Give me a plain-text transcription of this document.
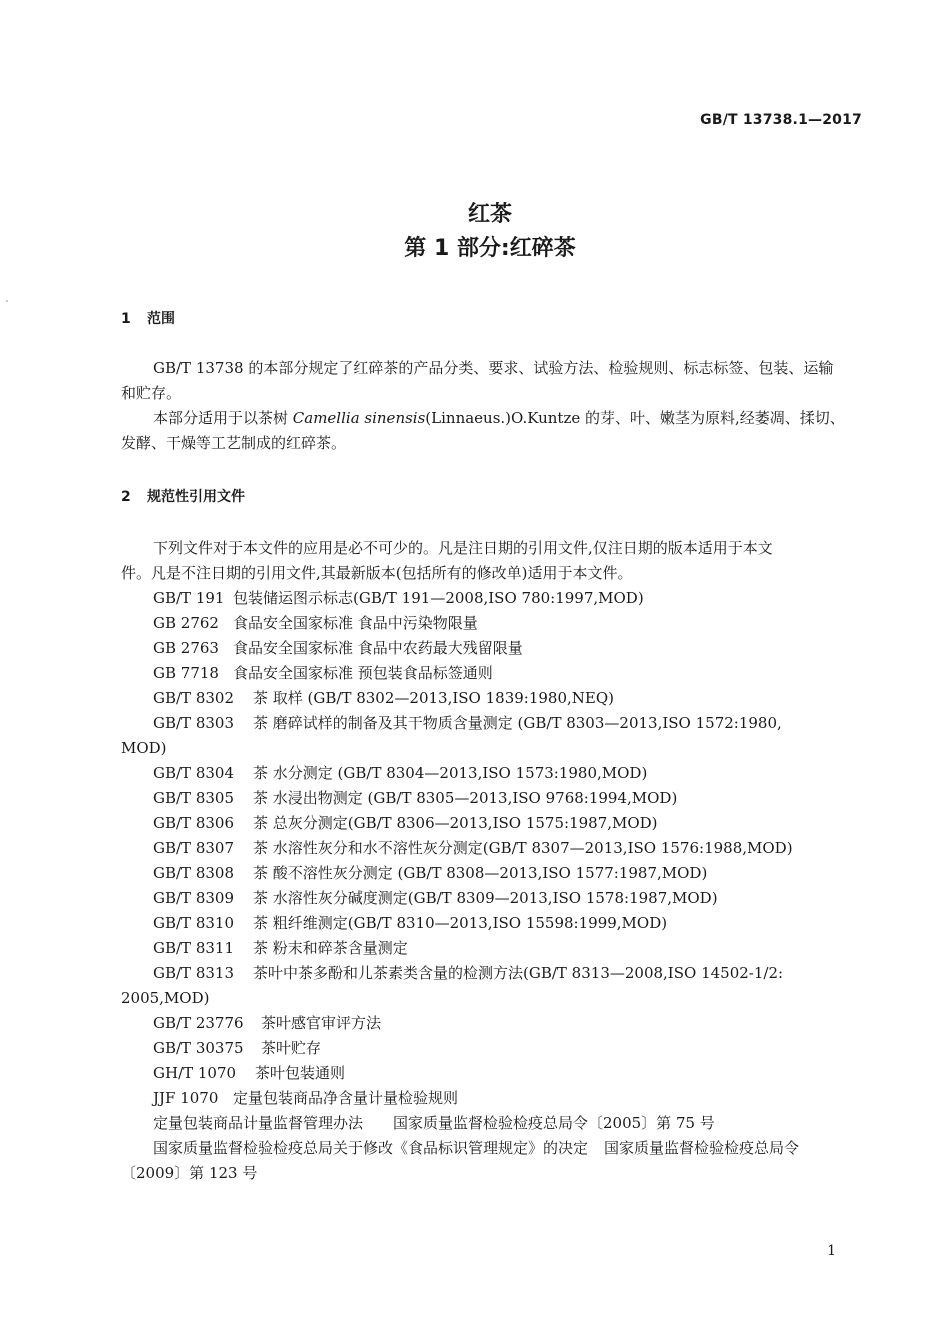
GB/T 13738.1—2017
红茶
第 1 部分:红碎茶
1 范围
GB/T 13738 的本部分规定了红碎茶的产品分类、要求、试验方法、检验规则、标志标签、包装、运输
和贮存。
本部分适用于以茶树 Camellia sinensis(Linnaeus.)O.Kuntze 的芽、叶、嫩茎为原料,经萎凋、揉切、
发酵、干燥等工艺制成的红碎茶。
2 规范性引用文件
下列文件对于本文件的应用是必不可少的。凡是注日期的引用文件,仅注日期的版本适用于本文
件。凡是不注日期的引用文件,其最新版本(包括所有的修改单)适用于本文件。
GB/T 191 包装储运图示标志(GB/T 191—2008,ISO 780:1997,MOD)
GB 2762 食品安全国家标准 食品中污染物限量
GB 2763 食品安全国家标准 食品中农药最大残留限量
GB 7718 食品安全国家标准 预包装食品标签通则
GB/T 8302 茶 取样 (GB/T 8302—2013,ISO 1839:1980,NEQ)
GB/T 8303 茶 磨碎试样的制备及其干物质含量测定 (GB/T 8303—2013,ISO 1572:1980,
MOD)
GB/T 8304 茶 水分测定 (GB/T 8304—2013,ISO 1573:1980,MOD)
GB/T 8305 茶 水浸出物测定 (GB/T 8305—2013,ISO 9768:1994,MOD)
GB/T 8306 茶 总灰分测定(GB/T 8306—2013,ISO 1575:1987,MOD)
GB/T 8307 茶 水溶性灰分和水不溶性灰分测定(GB/T 8307—2013,ISO 1576:1988,MOD)
GB/T 8308 茶 酸不溶性灰分测定 (GB/T 8308—2013,ISO 1577:1987,MOD)
GB/T 8309 茶 水溶性灰分碱度测定(GB/T 8309—2013,ISO 1578:1987,MOD)
GB/T 8310 茶 粗纤维测定(GB/T 8310—2013,ISO 15598:1999,MOD)
GB/T 8311 茶 粉末和碎茶含量测定
GB/T 8313 茶叶中茶多酚和儿茶素类含量的检测方法(GB/T 8313—2008,ISO 14502-1/2:
2005,MOD)
GB/T 23776 茶叶感官审评方法
GB/T 30375 茶叶贮存
GH/T 1070 茶叶包装通则
JJF 1070 定量包装商品净含量计量检验规则
定量包装商品计量监督管理办法 国家质量监督检验检疫总局令〔2005〕第 75 号
国家质量监督检验检疫总局关于修改《食品标识管理规定》的决定 国家质量监督检验检疫总局令
〔2009〕第 123 号
1
